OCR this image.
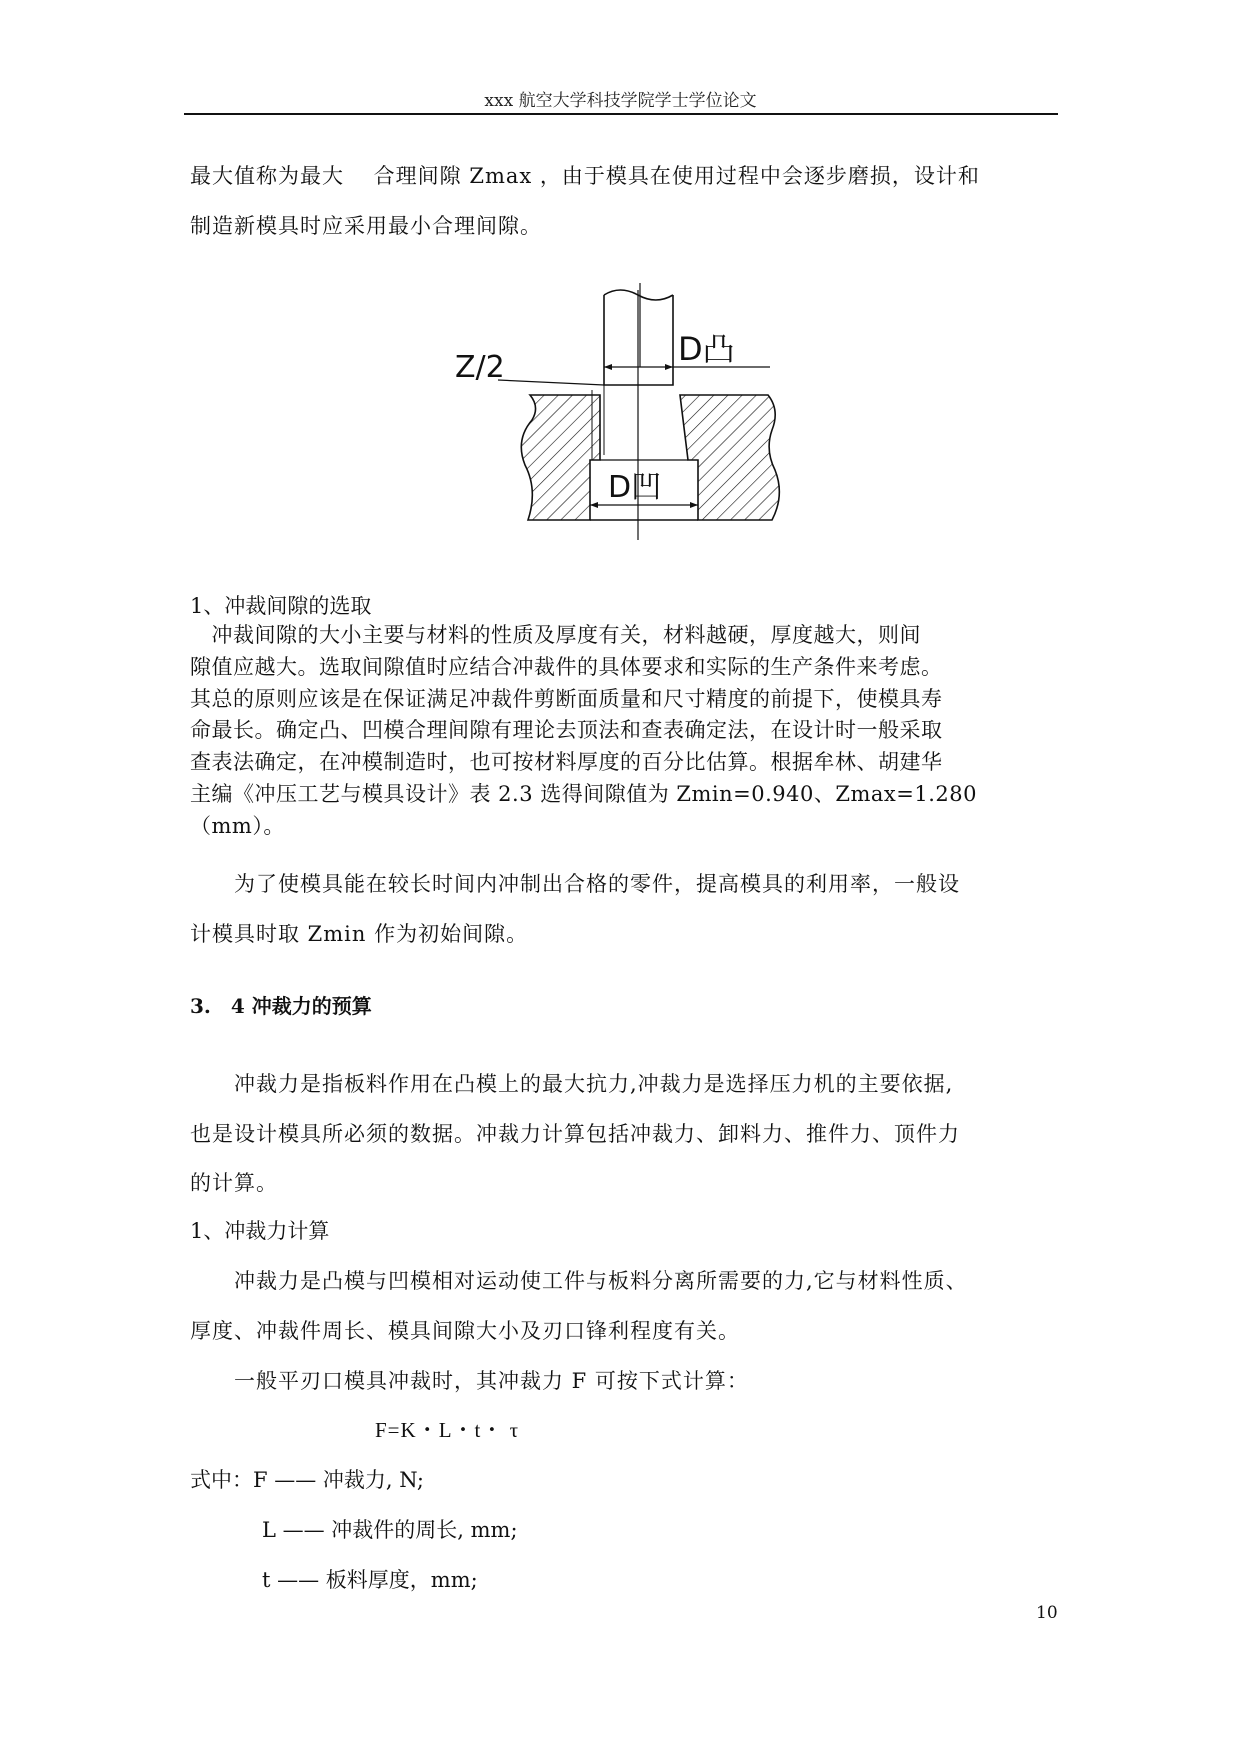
xxx 航空大学科技学院学士学位论文
最大值称为最大　 合理间隙 Zmax ，由于模具在使用过程中会逐步磨损，设计和
制造新模具时应采用最小合理间隙。
Z/2	D凸
D凹
1、冲裁间隙的选取
　冲裁间隙的大小主要与材料的性质及厚度有关，材料越硬，厚度越大，则间
隙值应越大。选取间隙值时应结合冲裁件的具体要求和实际的生产条件来考虑。
其总的原则应该是在保证满足冲裁件剪断面质量和尺寸精度的前提下，使模具寿
命最长。确定凸、凹模合理间隙有理论去顶法和查表确定法，在设计时一般采取
查表法确定，在冲模制造时，也可按材料厚度的百分比估算。根据牟林、胡建华
主编《冲压工艺与模具设计》表 2.3 选得间隙值为 Zmin=0.940、Zmax=1.280
（mm）。
　　为了使模具能在较长时间内冲制出合格的零件，提高模具的利用率，一般设
计模具时取 Zmin 作为初始间隙。
3.　4 冲裁力的预算
　　冲裁力是指板料作用在凸模上的最大抗力,冲裁力是选择压力机的主要依据,
也是设计模具所必须的数据。冲裁力计算包括冲裁力、卸料力、推件力、顶件力
的计算。
1、冲裁力计算
　　冲裁力是凸模与凹模相对运动使工件与板料分离所需要的力,它与材料性质、
厚度、冲裁件周长、模具间隙大小及刃口锋利程度有关。
　　一般平刃口模具冲裁时，其冲裁力 F 可按下式计算：
F=K・L・t・ τ
式中：F —— 冲裁力, N;
L —— 冲裁件的周长, mm;
t —— 板料厚度，mm;
10
